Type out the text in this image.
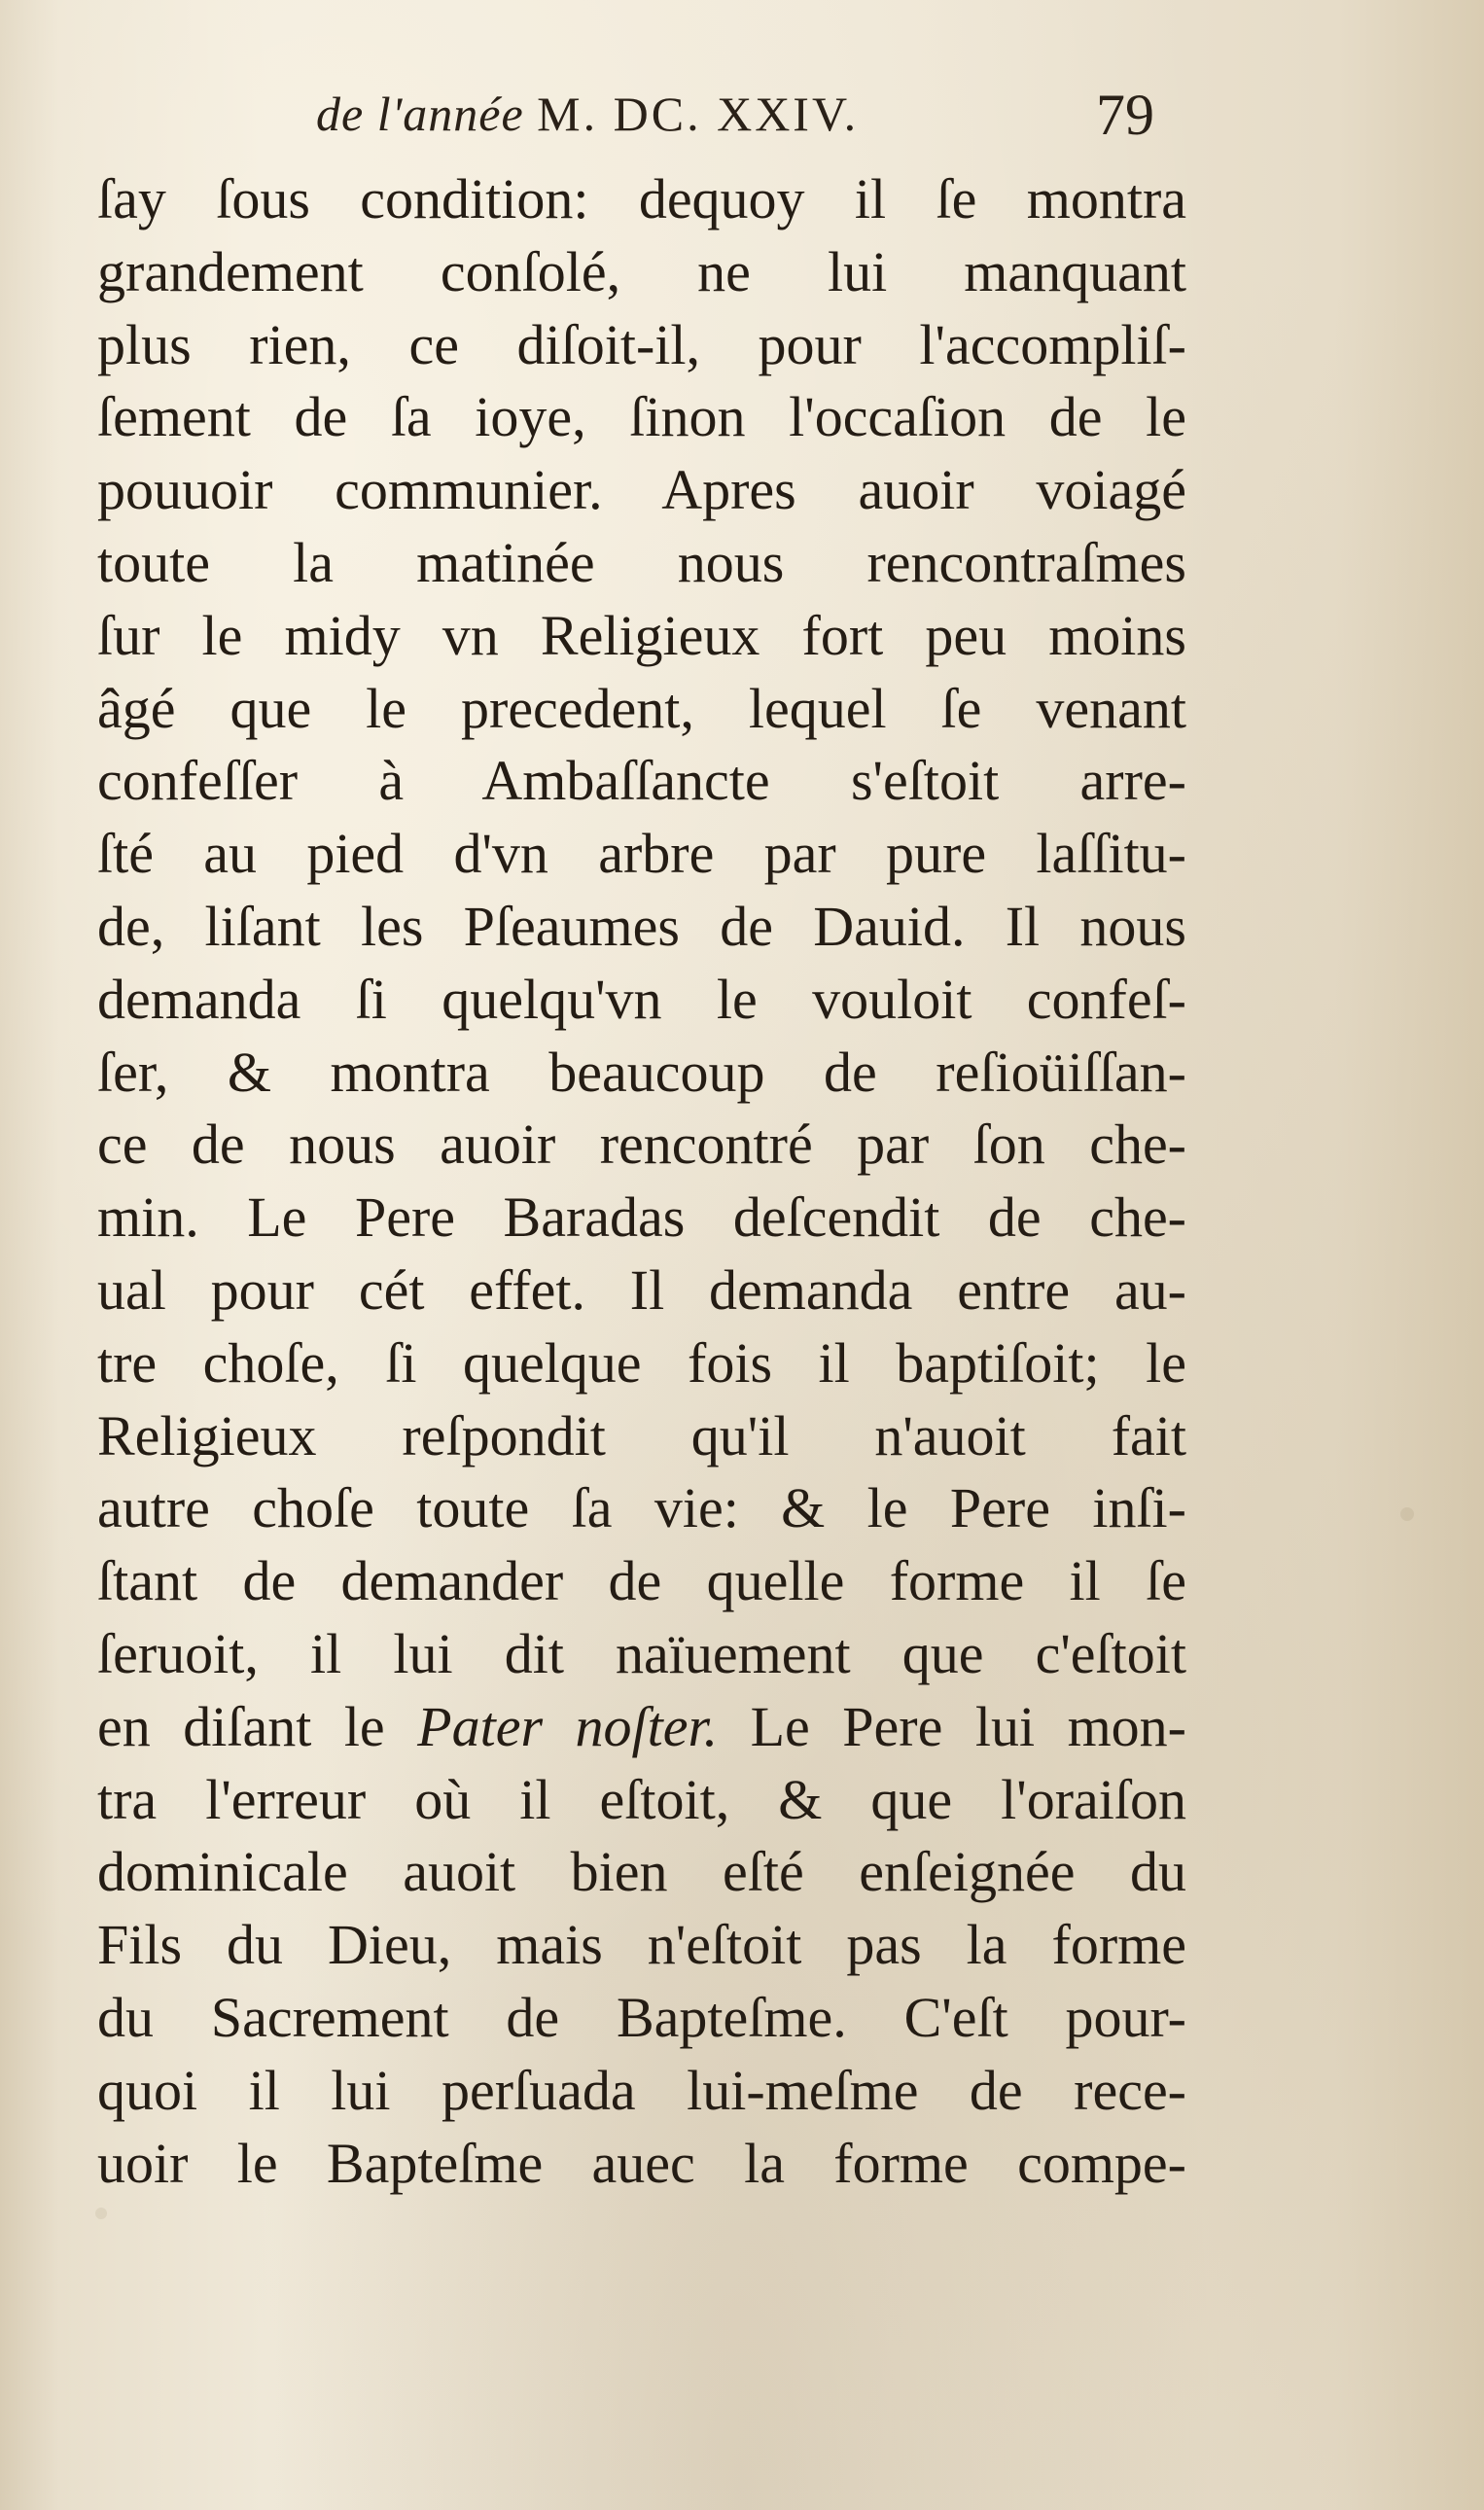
de l'année M. DC. XXIV.	79
ſay ſous condition: dequoy il ſe montra
grandement conſolé, ne lui manquant
plus rien, ce diſoit-il, pour l'accompliſ-
ſement de ſa ioye, ſinon l'occaſion de le
pouuoir communier. Apres auoir voiagé
toute la matinée nous rencontraſmes
ſur le midy vn Religieux fort peu moins
âgé que le precedent, lequel ſe venant
confeſſer à Ambaſſancte s'eſtoit arre-
ſté au pied d'vn arbre par pure laſſitu-
de, liſant les Pſeaumes de Dauid. Il nous
demanda ſi quelqu'vn le vouloit confeſ-
ſer, & montra beaucoup de reſioüiſſan-
ce de nous auoir rencontré par ſon che-
min. Le Pere Baradas deſcendit de che-
ual pour cét effet. Il demanda entre au-
tre choſe, ſi quelque fois il baptiſoit; le
Religieux reſpondit qu'il n'auoit fait
autre choſe toute ſa vie: & le Pere inſi-
ſtant de demander de quelle forme il ſe
ſeruoit, il lui dit naïuement que c'eſtoit
en diſant le Pater noſter. Le Pere lui mon-
tra l'erreur où il eſtoit, & que l'oraiſon
dominicale auoit bien eſté enſeignée du
Fils du Dieu, mais n'eſtoit pas la forme
du Sacrement de Bapteſme. C'eſt pour-
quoi il lui perſuada lui-meſme de rece-
uoir le Bapteſme auec la forme compe-
